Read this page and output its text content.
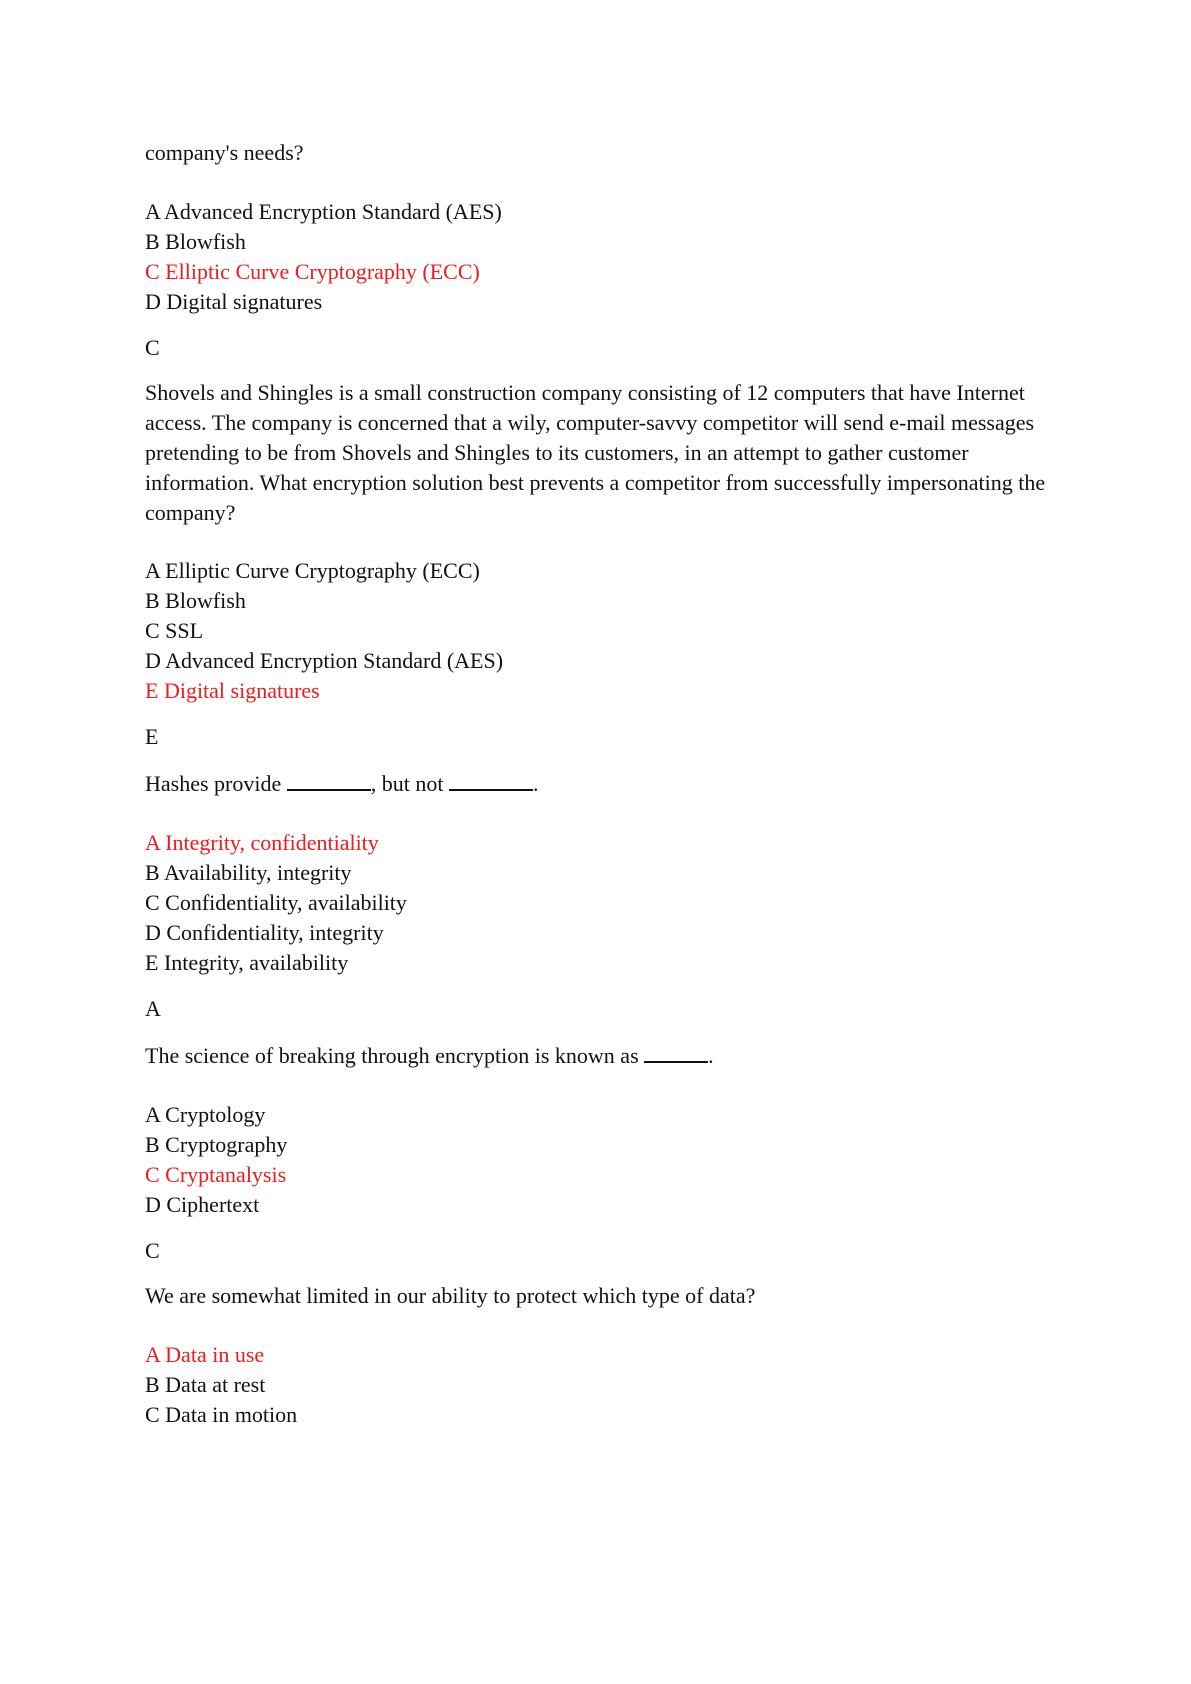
company's needs?

A Advanced Encryption Standard (AES)
B Blowfish
C Elliptic Curve Cryptography (ECC)
D Digital signatures

C

Shovels and Shingles is a small construction company consisting of 12 computers that have Internet access. The company is concerned that a wily, computer-savvy competitor will send e-mail messages pretending to be from Shovels and Shingles to its customers, in an attempt to gather customer information. What encryption solution best prevents a competitor from successfully impersonating the company?

A Elliptic Curve Cryptography (ECC)
B Blowfish
C SSL
D Advanced Encryption Standard (AES)
E Digital signatures

E

Hashes provide	, but not	.

A Integrity, confidentiality
B Availability, integrity
C Confidentiality, availability
D Confidentiality, integrity
E Integrity, availability

A

The science of breaking through encryption is known as	.

A Cryptology
B Cryptography
C Cryptanalysis
D Ciphertext

C

We are somewhat limited in our ability to protect which type of data?

A Data in use
B Data at rest
C Data in motion
